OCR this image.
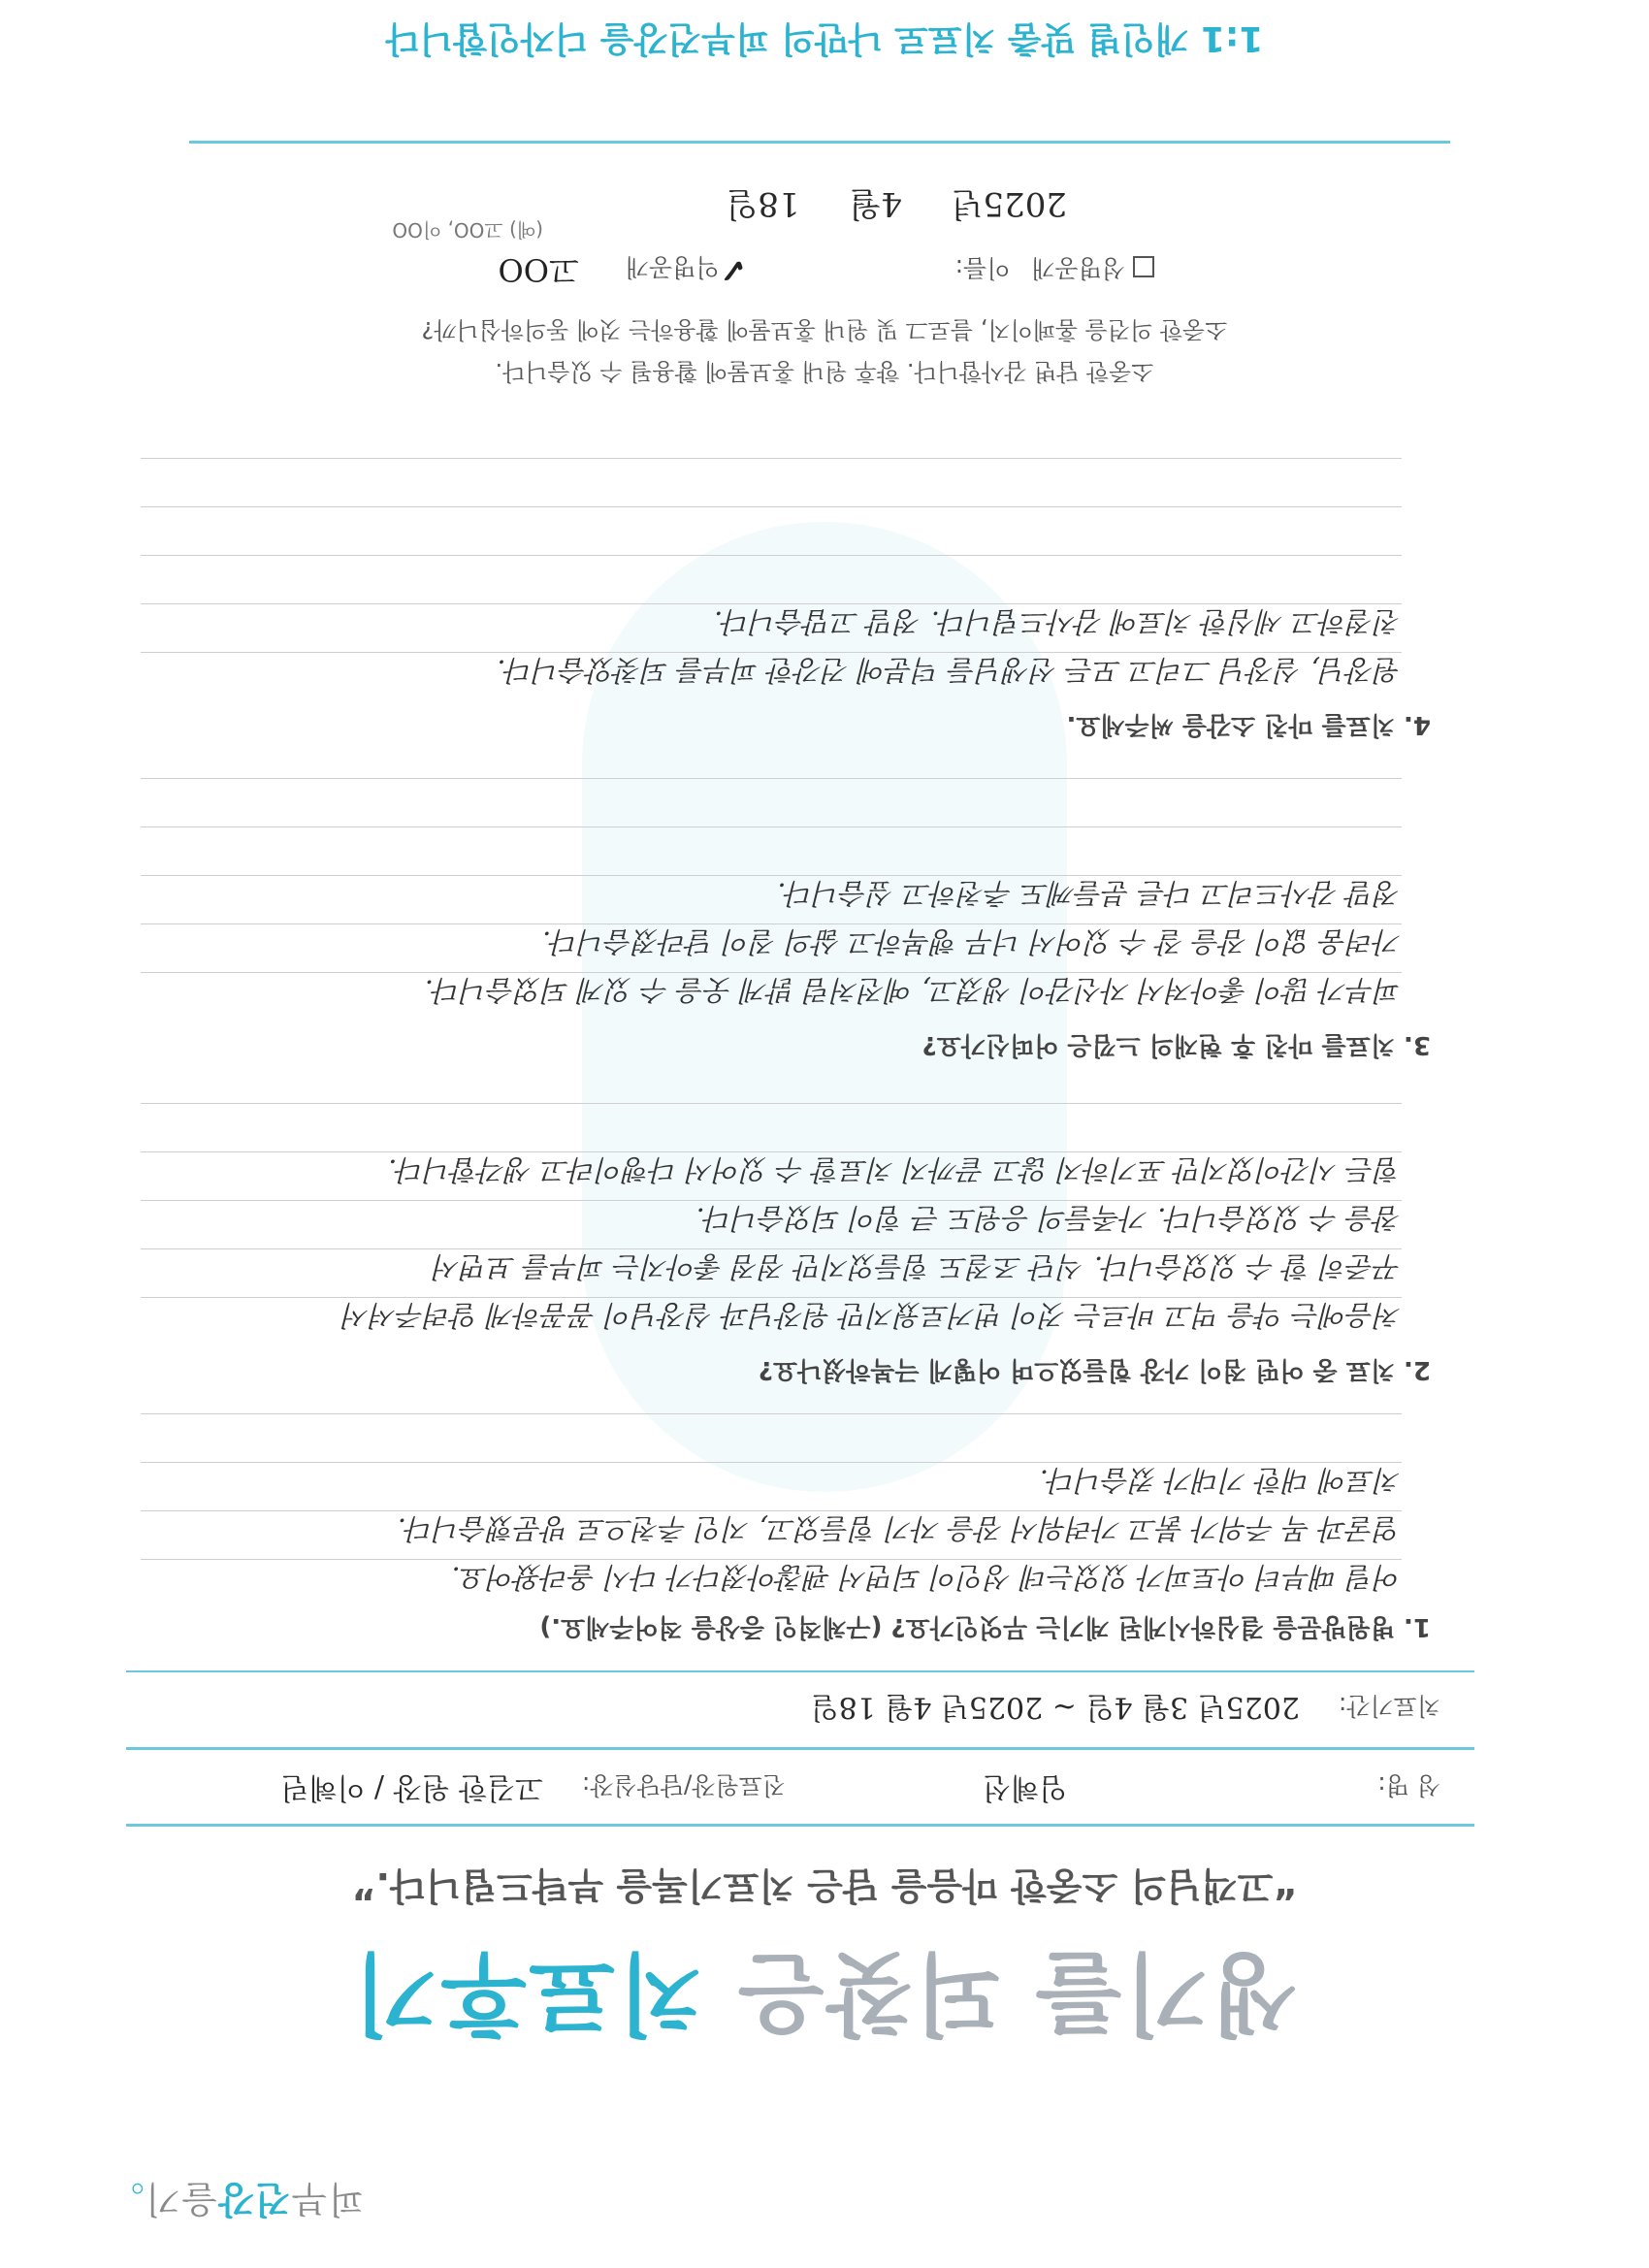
피부건강을기。
생기를 되찾은 치료후기
“고객님의 소중한 마음을 담은 치료기록을 부탁드립니다.”
성 명:
임혜선
진료원장/담당실장:
고길한 원장 / 이혜린
치료기간:
2025년 3월 4일 ~ 2025년 4월 18일
1. 병원방문을 결심하시게된 계기는 무엇인가요? (구체적인 증상을 적어주세요.)
어릴 때부터 아토피가 있었는데 성인이 되면서 괜찮아졌다가 다시 올라왔어요.
얼굴과 목 주위가 붉고 가려워서 잠을 자기 힘들었고, 지인 추천으로 방문했습니다.
치료에 대한 기대가 컸습니다.
2. 치료 중 어떤 점이 가장 힘들었으며 어떻게 극복하셨나요?
처음에는 약을 먹고 바르는 것이 번거로웠지만 원장님과 실장님이 꼼꼼하게 알려주셔서
꾸준히 할 수 있었습니다. 식단 조절도 힘들었지만 점점 좋아지는 피부를 보면서
참을 수 있었습니다. 가족들의 응원도 큰 힘이 되었습니다.
힘든 시간이었지만 포기하지 않고 끝까지 치료할 수 있어서 다행이라고 생각합니다.
3. 치료를 마친 후 현재의 느낌은 어떠신가요?
피부가 많이 좋아져서 자신감이 생겼고, 예전처럼 밝게 웃을 수 있게 되었습니다.
가려움 없이 잠을 잘 수 있어서 너무 행복하고 삶의 질이 달라졌습니다.
정말 감사드리고 다른 분들께도 추천하고 싶습니다.
4. 치료를 마친 소감을 써주세요.
원장님, 실장님 그리고 모든 선생님들 덕분에 건강한 피부를 되찾았습니다.
친절하고 세심한 치료에 감사드립니다. 정말 고맙습니다.
소중한 답변 감사합니다. 향후 원내 홍보물에 활용될 수 있습니다.
소중한 의견을 홈페이지, 블로그 및 원내 홍보물에 활용하는 것에 동의하십니까?
성명공개 이름:
✓익명공개 고OO
(예) 고OO, 이OO
2025년 4월 18일
1:1 개인별 맞춤 치료로 나만의 피부건강을 디자인합니다
